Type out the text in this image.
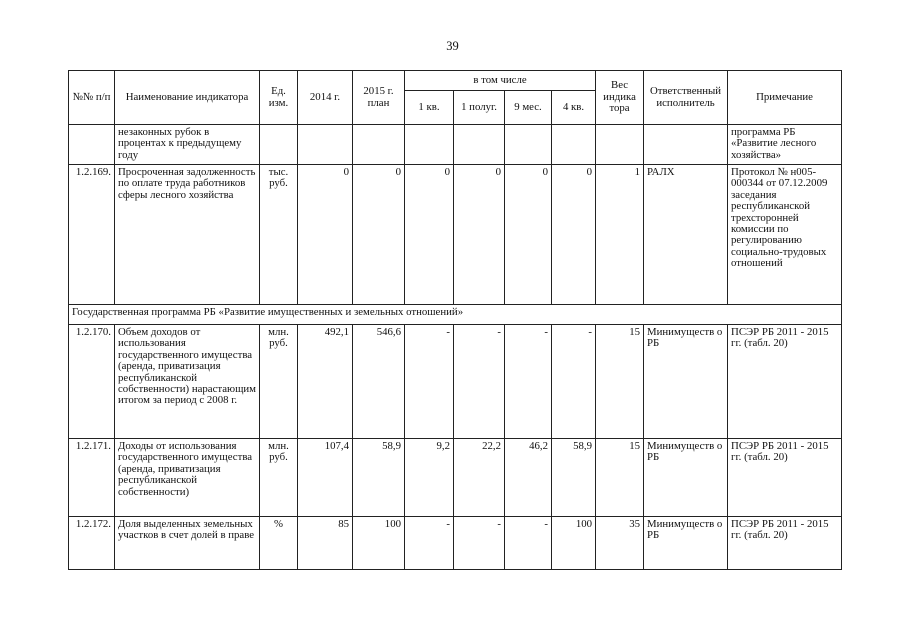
39
№№ п/п	Наименование индикатора	Ед. изм.	2014 г.	2015 г. план	в том числе				Вес индика тора	Ответственный исполнитель	Примечание
					1 кв.	1 полуг.	9 мес.	4 кв.			
	незаконных рубок в процентах к предыдущему году										программа РБ «Развитие лесного хозяйства»
1.2.169.	Просроченная задолженность по оплате труда работников сферы лесного хозяйства	тыс. руб.	0	0	0	0	0	0	1	РАЛХ	Протокол № н005-000344 от 07.12.2009 заседания республиканской трехсторонней комиссии по регулированию социально-трудовых отношений
Государственная программа РБ «Развитие имущественных и земельных отношений»											
1.2.170.	Объем доходов от использования государственного имущества (аренда, приватизация республиканской собственности) нарастающим итогом за период с 2008 г.	млн. руб.	492,1	546,6	-	-	-	-	15	Минимуществ о РБ	ПСЭР РБ 2011 - 2015 гг. (табл. 20)
1.2.171.	Доходы от использования государственного имущества (аренда, приватизация республиканской собственности)	млн. руб.	107,4	58,9	9,2	22,2	46,2	58,9	15	Минимуществ о РБ	ПСЭР РБ 2011 - 2015 гг. (табл. 20)
1.2.172.	Доля выделенных земельных участков в счет долей в праве	%	85	100	-	-	-	100	35	Минимуществ о РБ	ПСЭР РБ 2011 - 2015 гг. (табл. 20)
